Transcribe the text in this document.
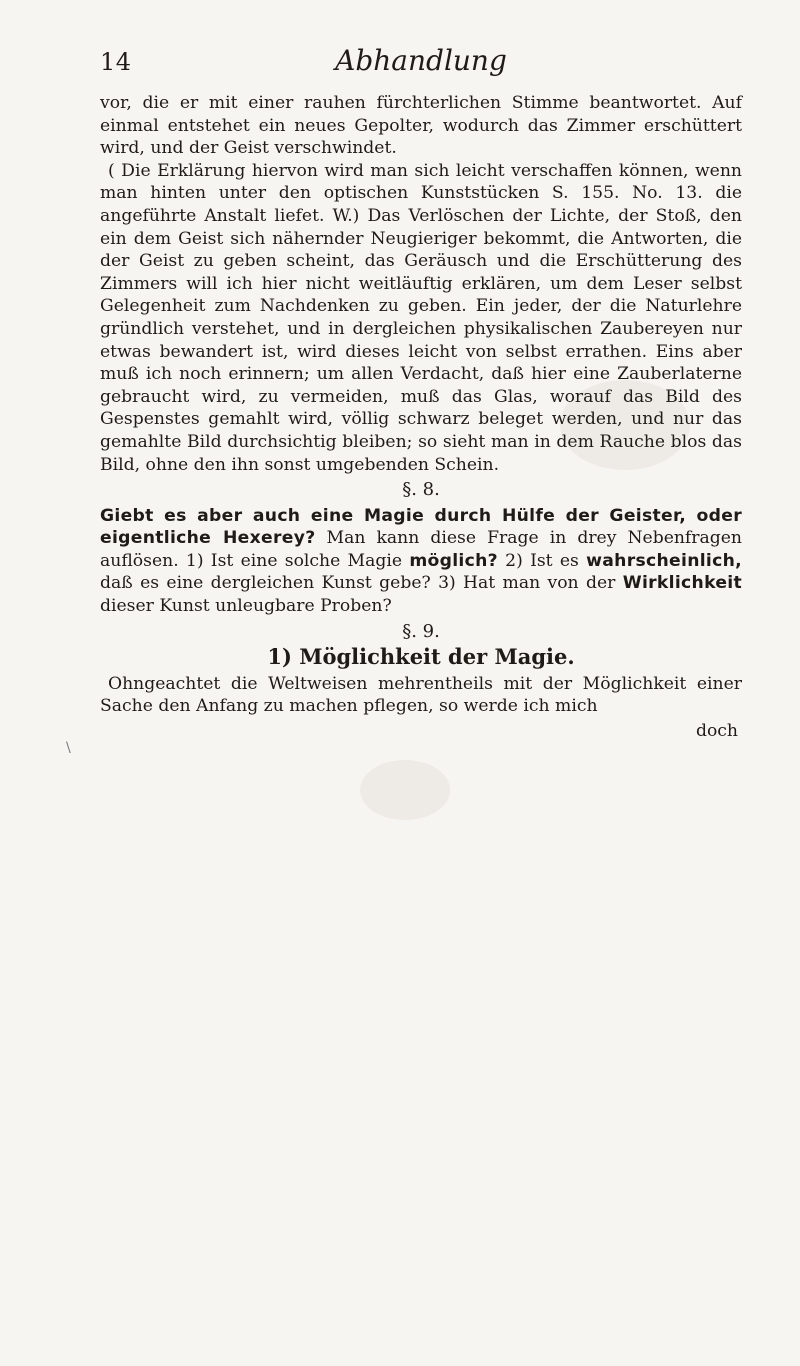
14	Abhandlung
\

vor, die er mit einer rauhen fürchterlichen Stimme beantwortet. Auf einmal entstehet ein neues Gepolter, wodurch das Zimmer erschüttert wird, und der Geist verschwindet.

( Die Erklärung hiervon wird man sich leicht verschaffen können, wenn man hinten unter den optischen Kunststücken S. 155. No. 13. die angeführte Anstalt liefet. W.) Das Verlöschen der Lichte, der Stoß, den ein dem Geist sich nähernder Neugieriger bekommt, die Antworten, die der Geist zu geben scheint, das Geräusch und die Erschütterung des Zimmers will ich hier nicht weitläuftig erklären, um dem Leser selbst Gelegenheit zum Nachdenken zu geben. Ein jeder, der die Naturlehre gründlich verstehet, und in dergleichen physikalischen Zaubereyen nur etwas bewandert ist, wird dieses leicht von selbst errathen. Eins aber muß ich noch erinnern; um allen Verdacht, daß hier eine Zauberlaterne gebraucht wird, zu vermeiden, muß das Glas, worauf das Bild des Gespenstes gemahlt wird, völlig schwarz beleget werden, und nur das gemahlte Bild durchsichtig bleiben; so sieht man in dem Rauche blos das Bild, ohne den ihn sonst umgebenden Schein.

§. 8.

Giebt es aber auch eine Magie durch Hülfe der Geister, oder eigentliche Hexerey? Man kann diese Frage in drey Nebenfragen auflösen. 1) Ist eine solche Magie möglich? 2) Ist es wahrscheinlich, daß es eine dergleichen Kunst gebe? 3) Hat man von der Wirklichkeit dieser Kunst unleugbare Proben?

§. 9.

1) Möglichkeit der Magie.

Ohngeachtet die Weltweisen mehrentheils mit der Möglichkeit einer Sache den Anfang zu machen pflegen, so werde ich mich

doch
